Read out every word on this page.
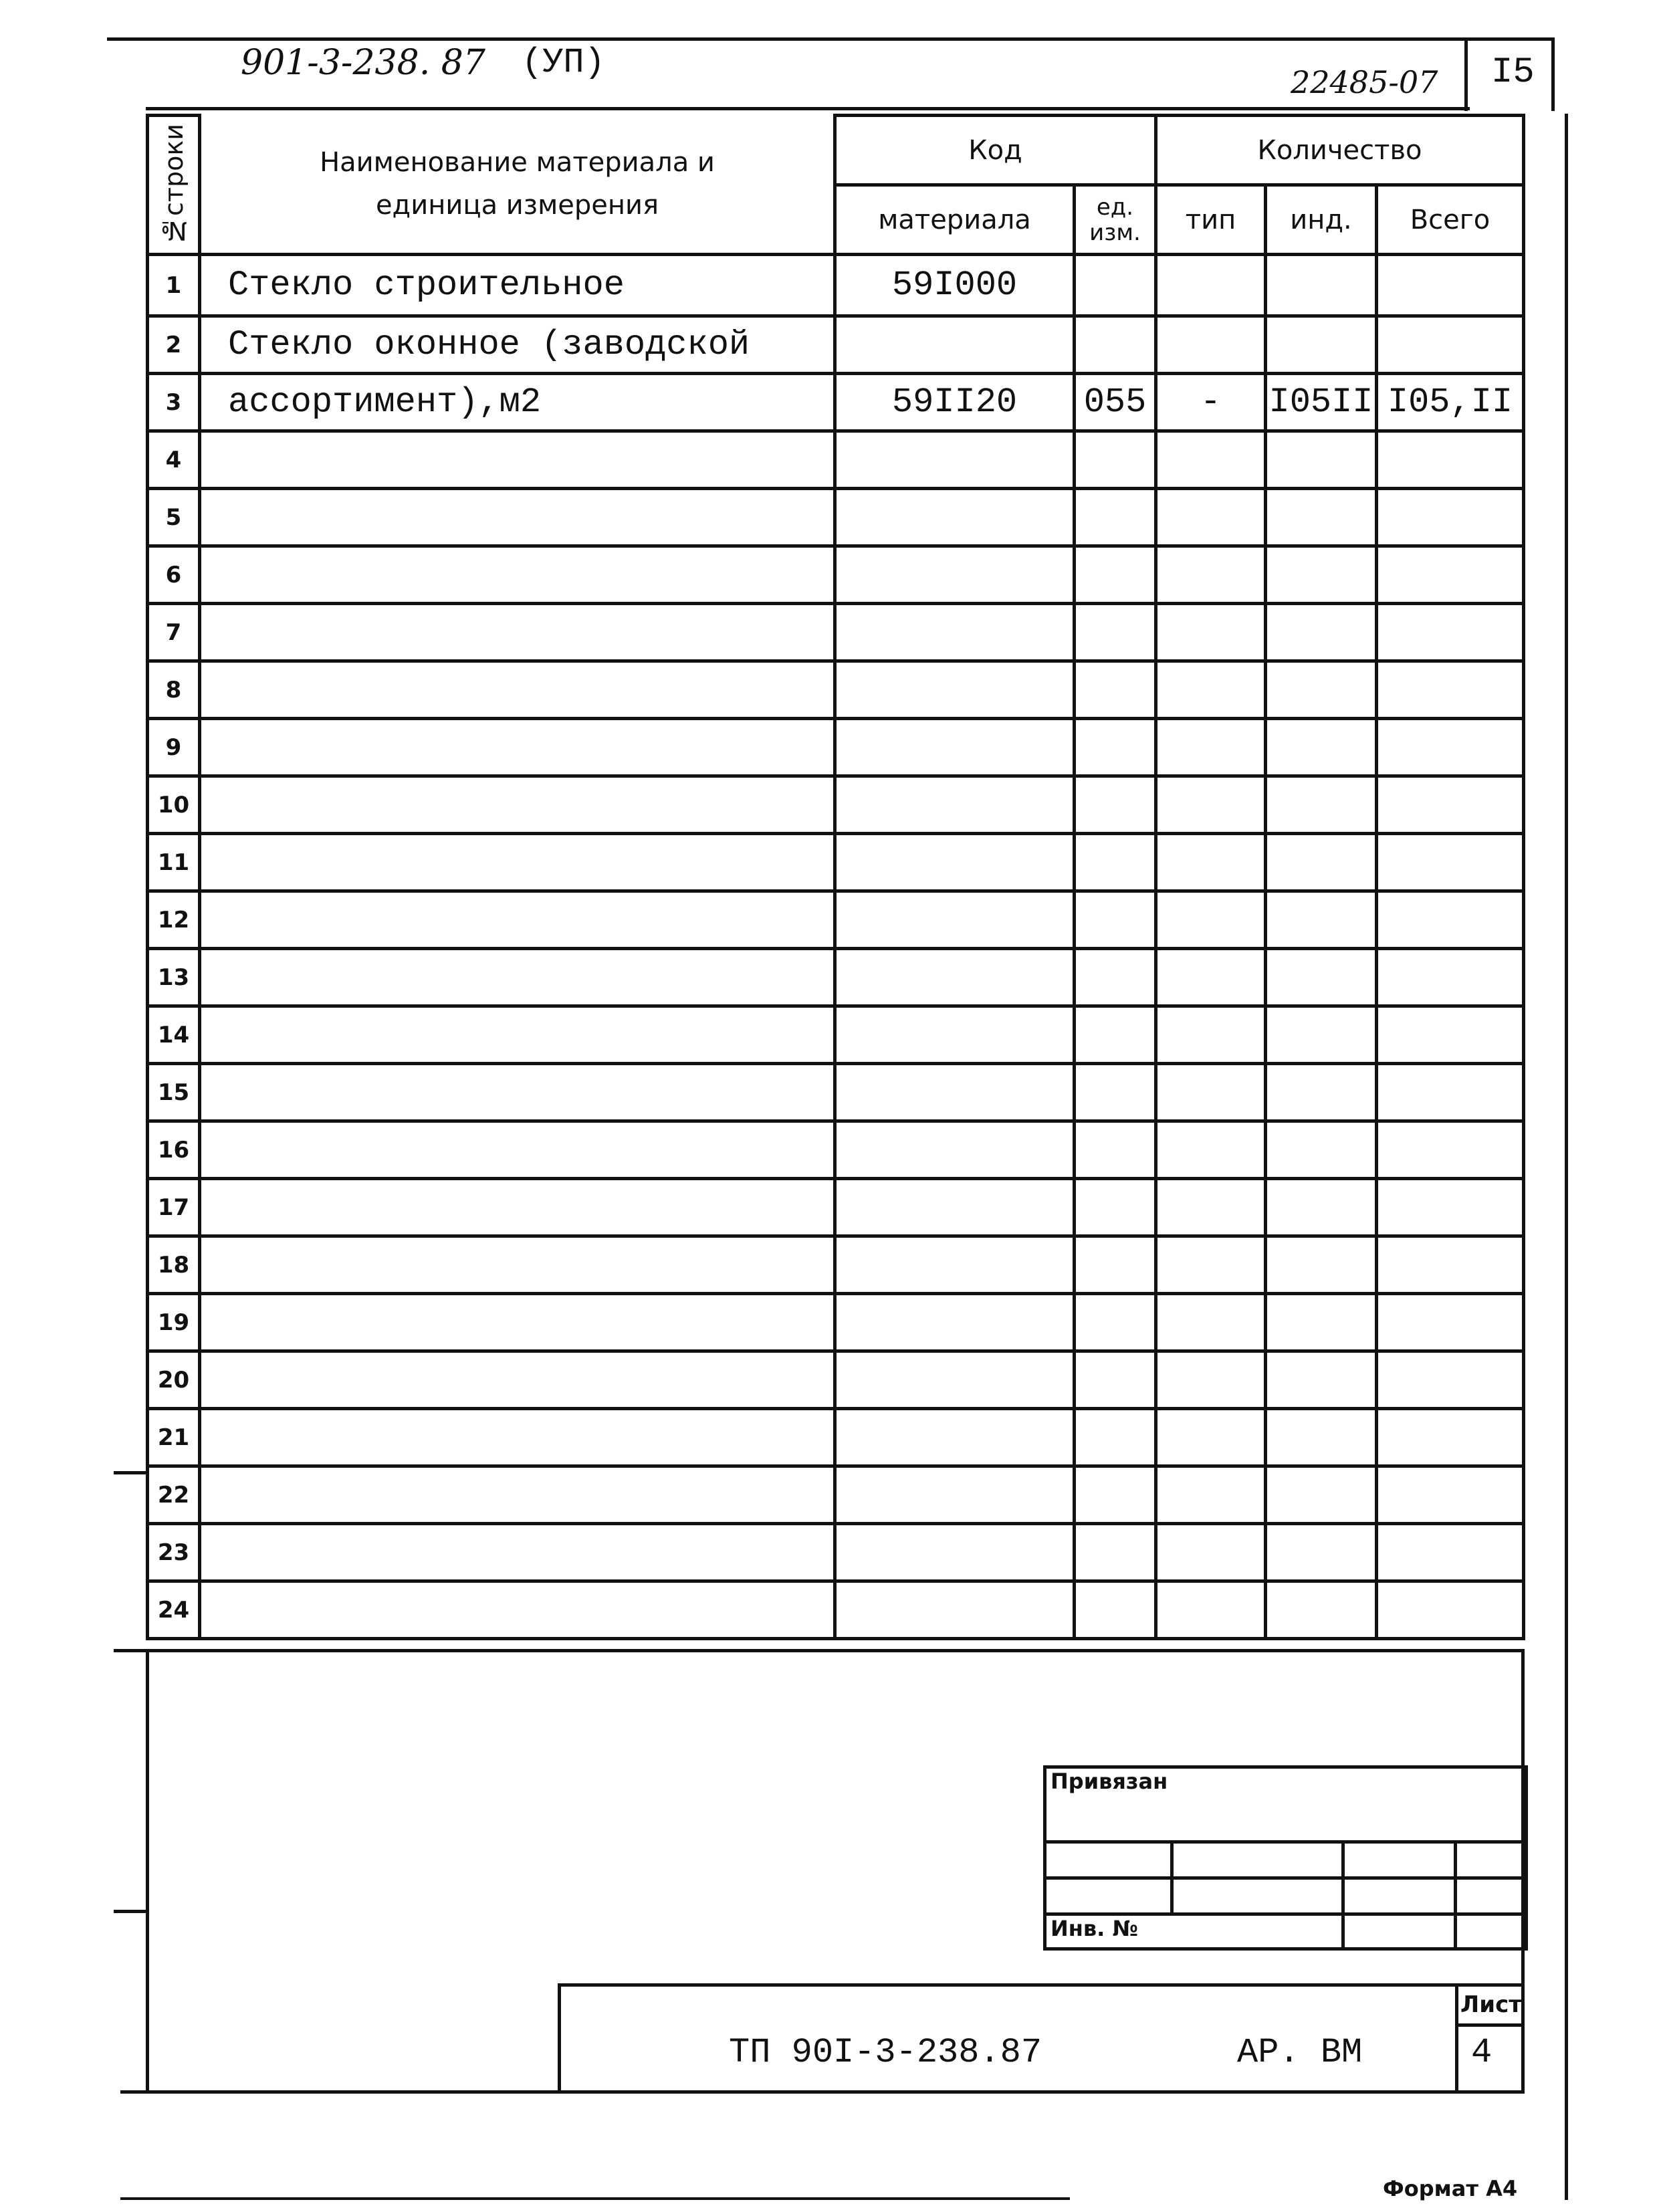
901-3-238. 87 (УП)	22485-07 I5
№строки	Наименование материала и единица измерения	Код		Количество		
		материала	ед. изм.	тип	инд.	Всего
1	Стекло строительное	59I000				
2	Стекло оконное (заводской					
3	ассортимент),м2	59II20	055	-	I05II	I05,II
4						
5						
6						
7						
8						
9						
10						
11						
12						
13						
14						
15						
16						
17						
18						
19						
20						
21						
22						
23						
24						
Привязан			

Инв. №			
ТП 90I-3-238.87	АР. ВМ
Лист
4
Формат А4
